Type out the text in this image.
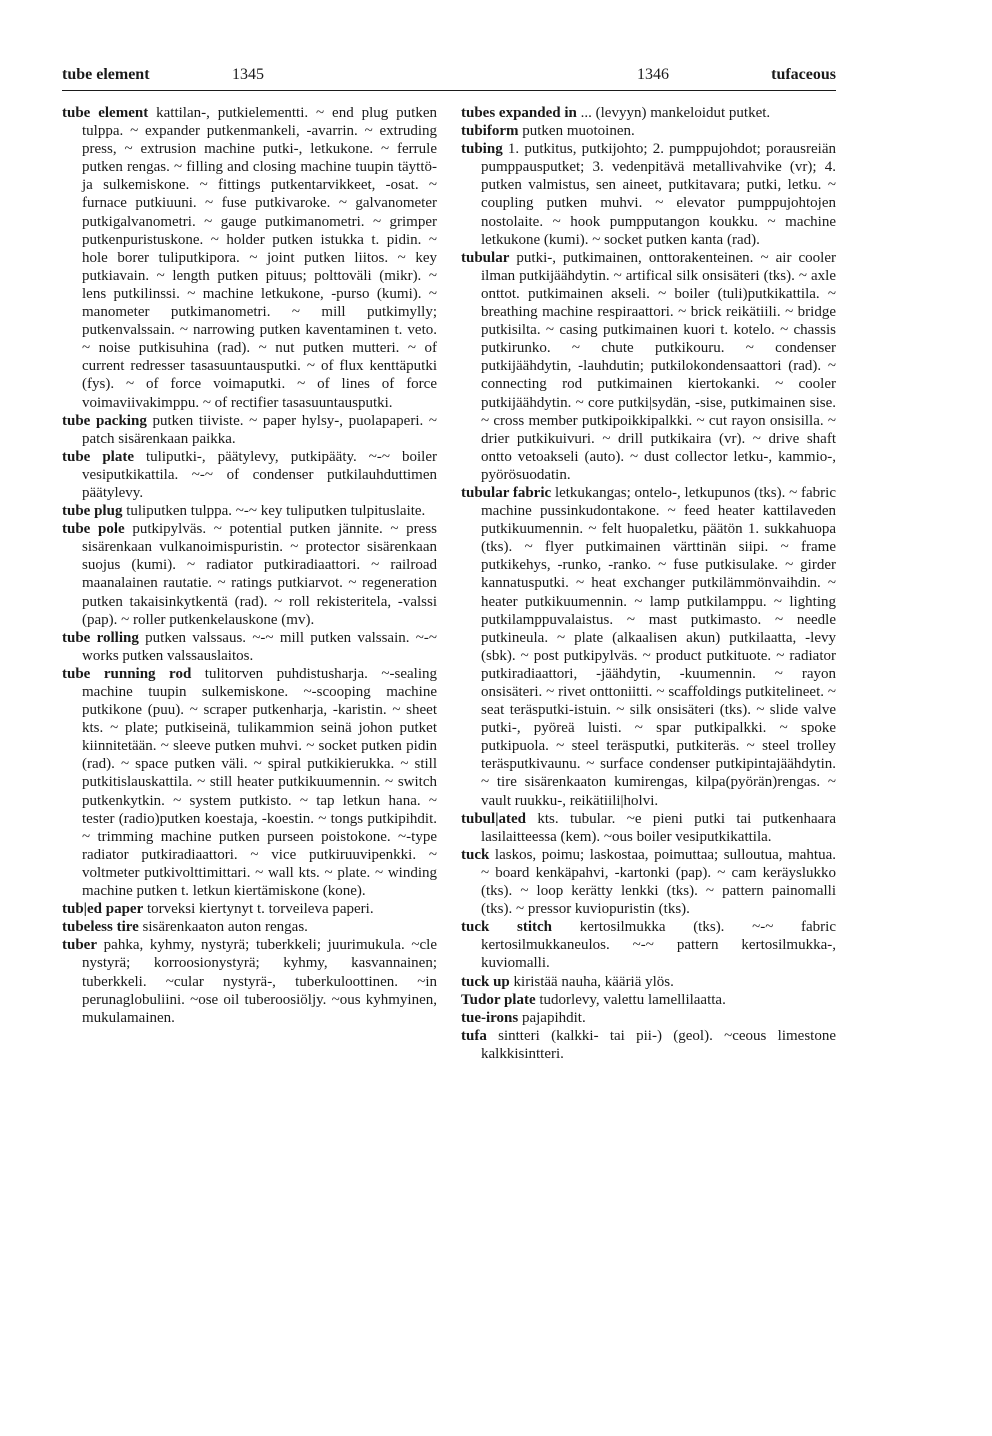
tube element	1345	1346	tufaceous

tube element kattilan-, putkielementti. ~ end plug putken tulppa. ~ expander putkenmankeli, -avarrin. ~ extruding press, ~ extrusion machine putki-, letkukone. ~ ferrule putken rengas. ~ filling and closing machine tuupin täyttö- ja sulkemiskone. ~ fittings putkentarvikkeet, -osat. ~ furnace putkiuuni. ~ fuse putkivaroke. ~ galvanometer putkigalvanometri. ~ gauge putkimanometri. ~ grimper putkenpuristuskone. ~ holder putken istukka t. pidin. ~ hole borer tuliputkipora. ~ joint putken liitos. ~ key putkiavain. ~ length putken pituus; polttoväli (mikr). ~ lens putkilinssi. ~ machine letkukone, -purso (kumi). ~ manometer putkimanometri. ~ mill putkimylly; putkenvalssain. ~ narrowing putken kaventaminen t. veto. ~ noise putkisuhina (rad). ~ nut putken mutteri. ~ of current redresser tasasuuntausputki. ~ of flux kenttäputki (fys). ~ of force voimaputki. ~ of lines of force voimaviivakimppu. ~ of rectifier tasasuuntausputki.

tube packing putken tiiviste. ~ paper hylsy-, puolapaperi. ~ patch sisärenkaan paikka.

tube plate tuliputki-, päätylevy, putkipääty. ~-~ boiler vesiputkikattila. ~-~ of condenser putkilauhduttimen päätylevy.

tube plug tuliputken tulppa. ~-~ key tuliputken tulpituslaite.

tube pole putkipylväs. ~ potential putken jännite. ~ press sisärenkaan vulkanoimispuristin. ~ protector sisärenkaan suojus (kumi). ~ radiator putkiradiaattori. ~ railroad maanalainen rautatie. ~ ratings putkiarvot. ~ regeneration putken takaisinkytkentä (rad). ~ roll rekisteritela, -valssi (pap). ~ roller putkenkelauskone (mv).

tube rolling putken valssaus. ~-~ mill putken valssain. ~-~ works putken valssauslaitos.

tube running rod tulitorven puhdistusharja. ~-sealing machine tuupin sulkemiskone. ~-scooping machine putkikone (puu). ~ scraper putkenharja, -karistin. ~ sheet kts. ~ plate; putkiseinä, tulikammion seinä johon putket kiinnitetään. ~ sleeve putken muhvi. ~ socket putken pidin (rad). ~ space putken väli. ~ spiral putkikierukka. ~ still putkitislauskattila. ~ still heater putkikuumennin. ~ switch putkenkytkin. ~ system putkisto. ~ tap letkun hana. ~ tester (radio)putken koestaja, -koestin. ~ tongs putkipihdit. ~ trimming machine putken purseen poistokone. ~-type radiator putkiradiaattori. ~ vice putkiruuvipenkki. ~ voltmeter putkivolttimittari. ~ wall kts. ~ plate. ~ winding machine putken t. letkun kiertämiskone (kone).

tub|ed paper torveksi kiertynyt t. torveileva paperi.

tubeless tire sisärenkaaton auton rengas.

tuber pahka, kyhmy, nystyrä; tuberkkeli; juurimukula. ~cle nystyrä; korroosionystyrä; kyhmy, kasvannainen; tuberkkeli. ~cular nystyrä-, tuberkuloottinen. ~in perunaglobuliini. ~ose oil tuberoosiöljy. ~ous kyhmyinen, mukulamainen.

tubes expanded in ... (levyyn) mankeloidut putket.

tubiform putken muotoinen.

tubing 1. putkitus, putkijohto; 2. pumppujohdot; porausreiän pumppausputket; 3. vedenpitävä metallivahvike (vr); 4. putken valmistus, sen aineet, putkitavara; putki, letku. ~ coupling putken muhvi. ~ elevator pumppujohtojen nostolaite. ~ hook pumpputangon koukku. ~ machine letkukone (kumi). ~ socket putken kanta (rad).

tubular putki-, putkimainen, onttorakenteinen. ~ air cooler ilman putkijäähdytin. ~ artifical silk onsisäteri (tks). ~ axle onttot. putkimainen akseli. ~ boiler (tuli)putkikattila. ~ breathing machine respiraattori. ~ brick reikätiili. ~ bridge putkisilta. ~ casing putkimainen kuori t. kotelo. ~ chassis putkirunko. ~ chute putkikouru. ~ condenser putkijäähdytin, -lauhdutin; putkilokondensaattori (rad). ~ connecting rod putkimainen kiertokanki. ~ cooler putkijäähdytin. ~ core putki|sydän, -sise, putkimainen sise. ~ cross member putkipoikkipalkki. ~ cut rayon onsisilla. ~ drier putkikuivuri. ~ drill putkikaira (vr). ~ drive shaft ontto vetoakseli (auto). ~ dust collector letku-, kammio-, pyörösuodatin.

tubular fabric letkukangas; ontelo-, letkupunos (tks). ~ fabric machine pussinkudontakone. ~ feed heater kattilaveden putkikuumennin. ~ felt huopaletku, päätön 1. sukkahuopa (tks). ~ flyer putkimainen värttinän siipi. ~ frame putkikehys, -runko, -ranko. ~ fuse putkisulake. ~ girder kannatusputki. ~ heat exchanger putkilämmönvaihdin. ~ heater putkikuumennin. ~ lamp putkilamppu. ~ lighting putkilamppuvalaistus. ~ mast putkimasto. ~ needle putkineula. ~ plate (alkaalisen akun) putkilaatta, -levy (sbk). ~ post putkipylväs. ~ product putkituote. ~ radiator putkiradiaattori, -jäähdytin, -kuumennin. ~ rayon onsisäteri. ~ rivet onttoniitti. ~ scaffoldings putkitelineet. ~ seat teräsputki-istuin. ~ silk onsisäteri (tks). ~ slide valve putki-, pyöreä luisti. ~ spar putkipalkki. ~ spoke putkipuola. ~ steel teräsputki, putkiteräs. ~ steel trolley teräsputkivaunu. ~ surface condenser putkipintajäähdytin. ~ tire sisärenkaaton kumirengas, kilpa(pyörän)rengas. ~ vault ruukku-, reikätiili|holvi.

tubul|ated kts. tubular. ~e pieni putki tai putkenhaara lasilaitteessa (kem). ~ous boiler vesiputkikattila.

tuck laskos, poimu; laskostaa, poimuttaa; sulloutua, mahtua. ~ board kenkäpahvi, -kartonki (pap). ~ cam keräyslukko (tks). ~ loop kerätty lenkki (tks). ~ pattern painomalli (tks). ~ pressor kuviopuristin (tks).

tuck stitch kertosilmukka (tks). ~-~ fabric kertosilmukkaneulos. ~-~ pattern kertosilmukka-, kuviomalli.

tuck up kiristää nauha, kääriä ylös.

Tudor plate tudorlevy, valettu lamellilaatta.

tue-irons pajapihdit.

tufa sintteri (kalkki- tai pii-) (geol). ~ceous limestone kalkkisintteri.
